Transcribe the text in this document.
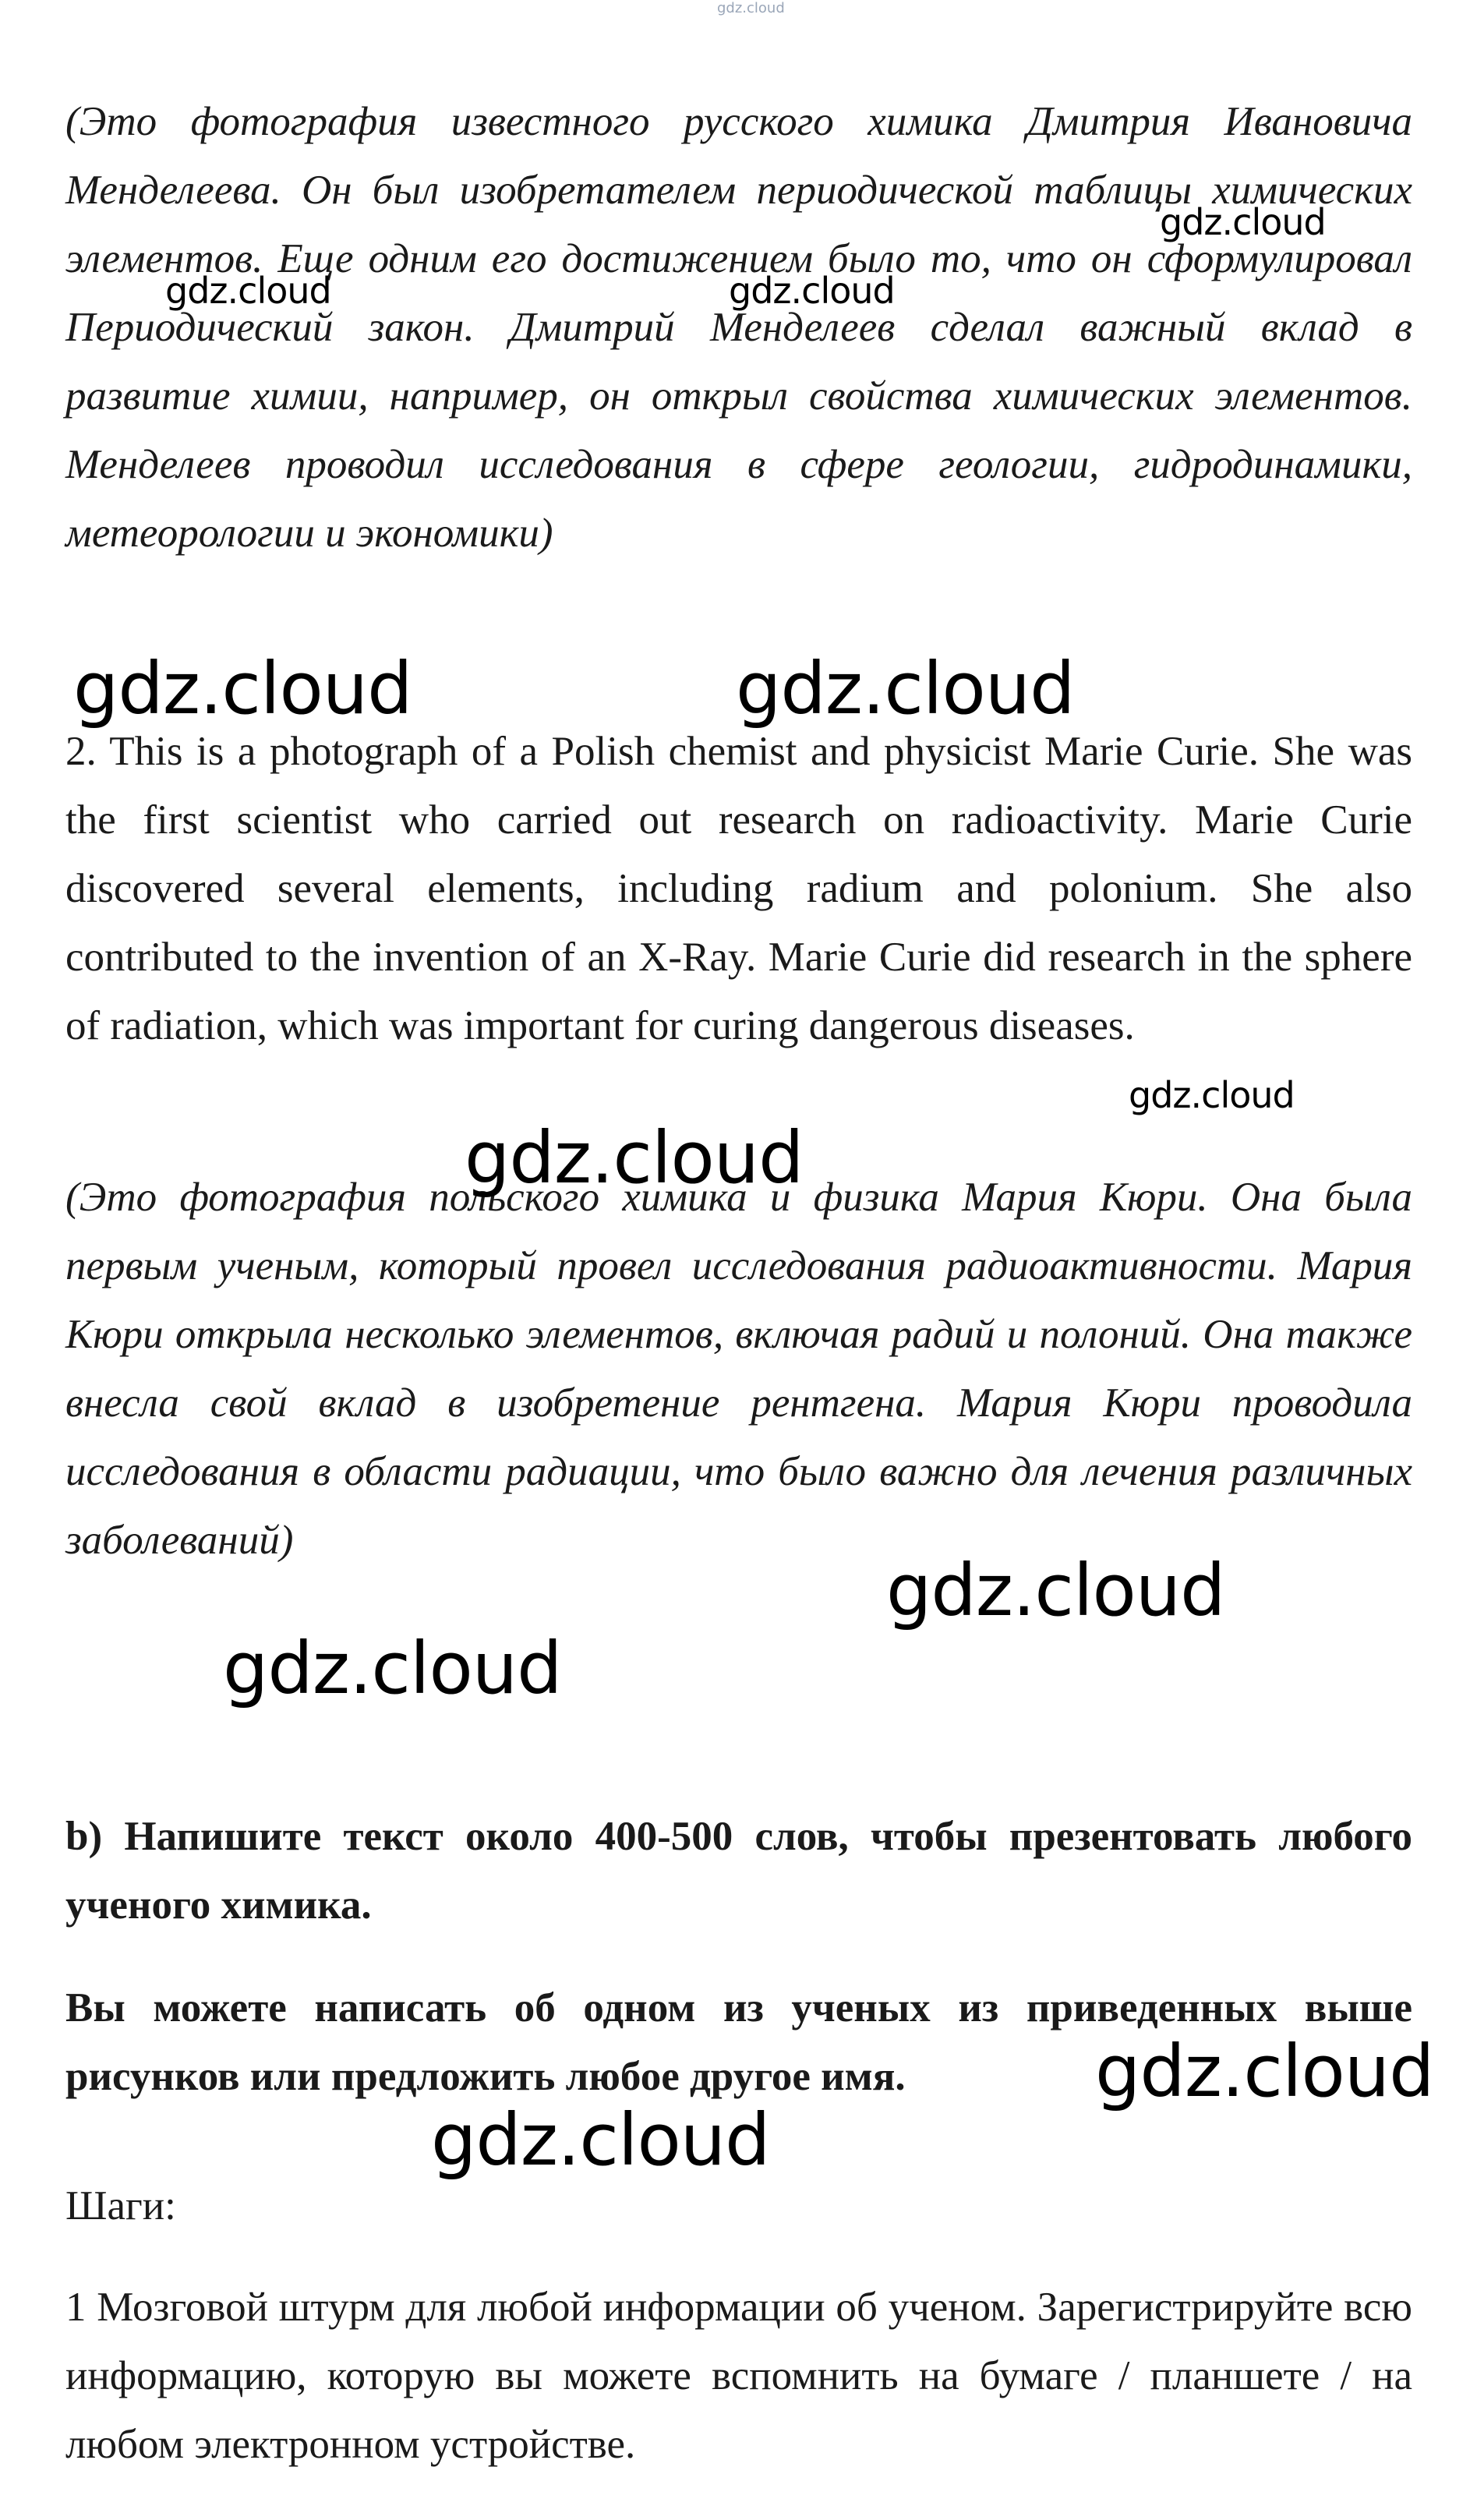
gdz.cloud

(Это фотография известного русского химика Дмитрия Ивановича Менделеева. Он был изобретателем периодической таблицы химических элементов. Еще одним его достижением было то, что он сформулировал Периодический закон. Дмитрий Менделеев сделал важный вклад в развитие химии, например, он открыл свойства химических элементов. Менделеев проводил исследования в сфере геологии, гидродинамики, метеорологии и экономики)

2. This is a photograph of a Polish chemist and physicist Marie Curie. She was the first scientist who carried out research on radioactivity. Marie Curie discovered several elements, including radium and polonium. She also contributed to the invention of an X-Ray. Marie Curie did research in the sphere of radiation, which was important for curing dangerous diseases.

(Это фотография польского химика и физика Мария Кюри. Она была первым ученым, который провел исследования радиоактивности. Мария Кюри открыла несколько элементов, включая радий и полоний. Она также внесла свой вклад в изобретение рентгена. Мария Кюри проводила исследования в области радиации, что было важно для лечения различных заболеваний)

b) Напишите текст около 400-500 слов, чтобы презентовать любого ученого химика.

Вы можете написать об одном из ученых из приведенных выше рисунков или предложить любое другое имя.

Шаги:

1 Мозговой штурм для любой информации об ученом. Зарегистрируйте всю информацию, которую вы можете вспомнить на бумаге / планшете / на любом электронном устройстве.

gdz.cloud
gdz.cloud	gdz.cloud
gdz.cloud	gdz.cloud
gdz.cloud
gdz.cloud
gdz.cloud
gdz.cloud
gdz.cloud
gdz.cloud
